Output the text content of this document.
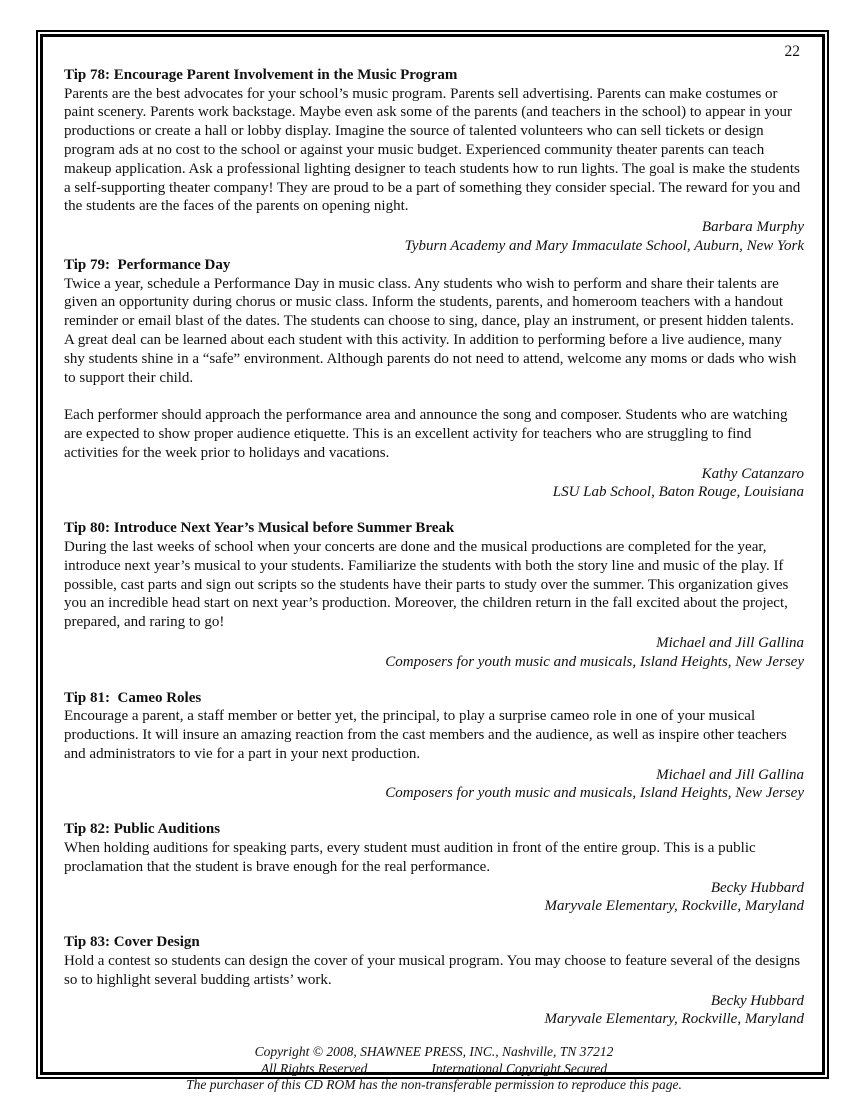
22
Tip 78: Encourage Parent Involvement in the Music Program

Parents are the best advocates for your school’s music program. Parents sell advertising. Parents can make costumes or paint scenery. Parents work backstage. Maybe even ask some of the parents (and teachers in the school) to appear in your productions or create a hall or lobby display. Imagine the source of talented volunteers who can sell tickets or design program ads at no cost to the school or against your music budget. Experienced community theater parents can teach makeup application. Ask a professional lighting designer to teach students how to run lights. The goal is make the students a self-supporting theater company! They are proud to be a part of something they consider special. The reward for you and the students are the faces of the parents on opening night.

Barbara Murphy
Tyburn Academy and Mary Immaculate School, Auburn, New York
Tip 79:  Performance Day

Twice a year, schedule a Performance Day in music class. Any students who wish to perform and share their talents are given an opportunity during chorus or music class. Inform the students, parents, and homeroom teachers with a handout reminder or email blast of the dates. The students can choose to sing, dance, play an instrument, or present hidden talents. A great deal can be learned about each student with this activity. In addition to performing before a live audience, many shy students shine in a “safe” environment. Although parents do not need to attend, welcome any moms or dads who wish to support their child.

Each performer should approach the performance area and announce the song and composer. Students who are watching are expected to show proper audience etiquette. This is an excellent activity for teachers who are struggling to find activities for the week prior to holidays and vacations.

Kathy Catanzaro
LSU Lab School, Baton Rouge, Louisiana
Tip 80: Introduce Next Year’s Musical before Summer Break

During the last weeks of school when your concerts are done and the musical productions are completed for the year, introduce next year’s musical to your students. Familiarize the students with both the story line and music of the play. If possible, cast parts and sign out scripts so the students have their parts to study over the summer. This organization gives you an incredible head start on next year’s production. Moreover, the children return in the fall excited about the project, prepared, and raring to go!

Michael and Jill Gallina
Composers for youth music and musicals, Island Heights, New Jersey
Tip 81:  Cameo Roles

Encourage a parent, a staff member or better yet, the principal, to play a surprise cameo role in one of your musical productions. It will insure an amazing reaction from the cast members and the audience, as well as inspire other teachers and administrators to vie for a part in your next production.

Michael and Jill Gallina
Composers for youth music and musicals, Island Heights, New Jersey
Tip 82: Public Auditions

When holding auditions for speaking parts, every student must audition in front of the entire group. This is a public proclamation that the student is brave enough for the real performance.

Becky Hubbard
Maryvale Elementary, Rockville, Maryland
Tip 83: Cover Design

Hold a contest so students can design the cover of your musical program. You may choose to feature several of the designs so to highlight several budding artists’ work.

Becky Hubbard
Maryvale Elementary, Rockville, Maryland
Copyright © 2008, SHAWNEE PRESS, INC., Nashville, TN 37212
All Rights Reserved	International Copyright Secured
The purchaser of this CD ROM has the non-transferable permission to reproduce this page.
